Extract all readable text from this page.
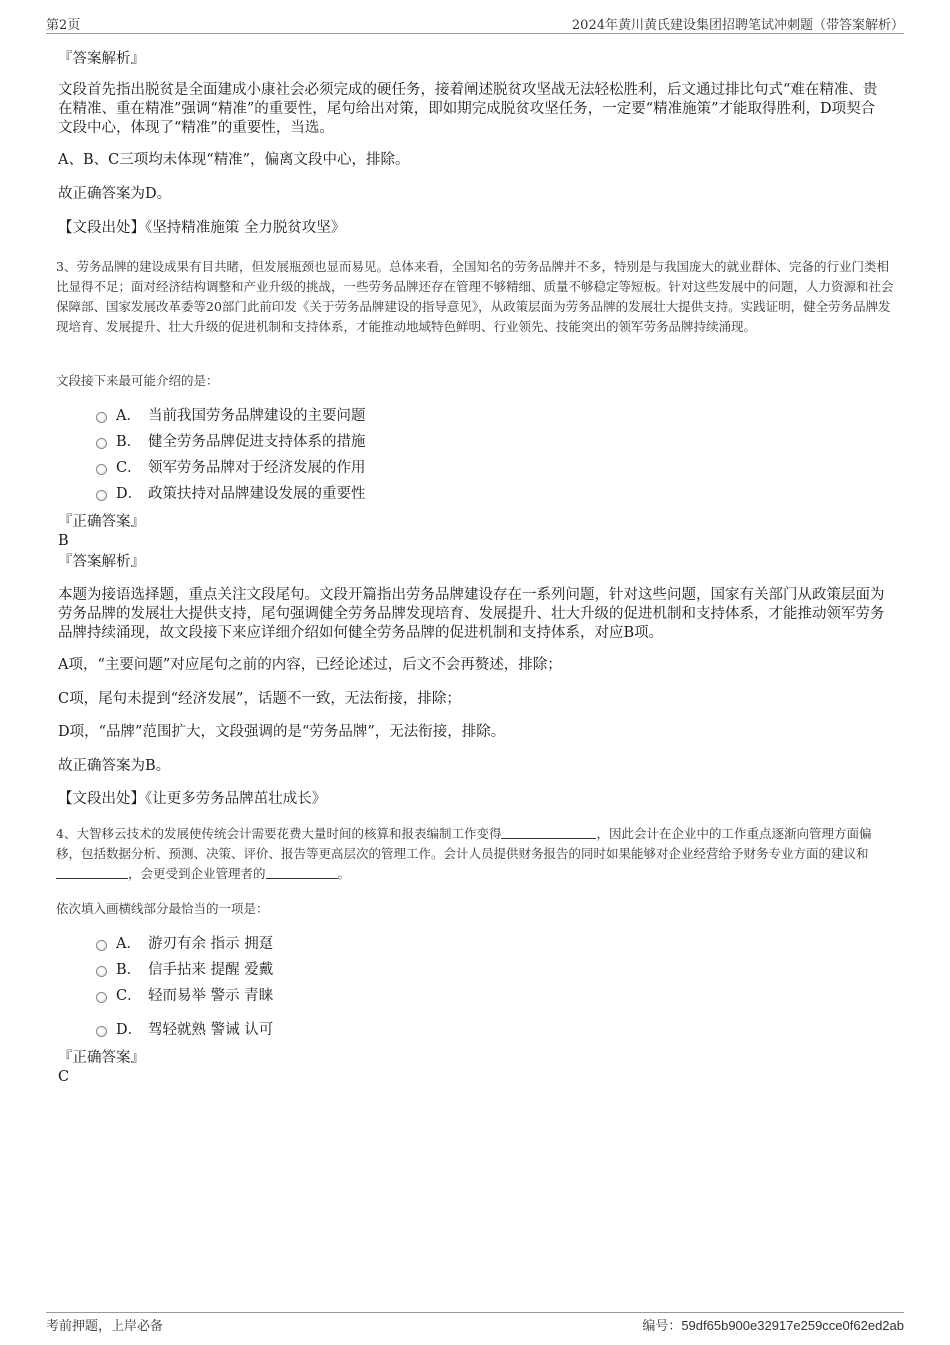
第2页	2024年黄川黄氏建设集团招聘笔试冲刺题（带答案解析）
『答案解析』
文段首先指出脱贫是全面建成小康社会必须完成的硬任务，接着阐述脱贫攻坚战无法轻松胜利，后文通过排比句式“难在精准、贵在精准、重在精准”强调“精准”的重要性，尾句给出对策，即如期完成脱贫攻坚任务，一定要“精准施策”才能取得胜利，D项契合文段中心，体现了“精准”的重要性，当选。
A、B、C三项均未体现“精准”，偏离文段中心，排除。
故正确答案为D。
【文段出处】《坚持精准施策 全力脱贫攻坚》
3、劳务品牌的建设成果有目共睹，但发展瓶颈也显而易见。总体来看，全国知名的劳务品牌并不多，特别是与我国庞大的就业群体、完备的行业门类相比显得不足；面对经济结构调整和产业升级的挑战，一些劳务品牌还存在管理不够精细、质量不够稳定等短板。针对这些发展中的问题，人力资源和社会保障部、国家发展改革委等20部门此前印发《关于劳务品牌建设的指导意见》，从政策层面为劳务品牌的发展壮大提供支持。实践证明，健全劳务品牌发现培育、发展提升、壮大升级的促进机制和支持体系，才能推动地域特色鲜明、行业领先、技能突出的领军劳务品牌持续涌现。
文段接下来最可能介绍的是：
A． 当前我国劳务品牌建设的主要问题
B． 健全劳务品牌促进支持体系的措施
C． 领军劳务品牌对于经济发展的作用
D． 政策扶持对品牌建设发展的重要性
『正确答案』
B
『答案解析』
本题为接语选择题，重点关注文段尾句。文段开篇指出劳务品牌建设存在一系列问题，针对这些问题，国家有关部门从政策层面为劳务品牌的发展壮大提供支持，尾句强调健全劳务品牌发现培育、发展提升、壮大升级的促进机制和支持体系，才能推动领军劳务品牌持续涌现，故文段接下来应详细介绍如何健全劳务品牌的促进机制和支持体系，对应B项。
A项，“主要问题”对应尾句之前的内容，已经论述过，后文不会再赘述，排除；
C项，尾句未提到“经济发展”，话题不一致，无法衔接，排除；
D项，“品牌”范围扩大，文段强调的是“劳务品牌”，无法衔接，排除。
故正确答案为B。
【文段出处】《让更多劳务品牌茁壮成长》
4、大智移云技术的发展使传统会计需要花费大量时间的核算和报表编制工作变得	，因此会计在企业中的工作重点逐渐向管理方面偏移，包括数据分析、预测、决策、评价、报告等更高层次的管理工作。会计人员提供财务报告的同时如果能够对企业经营给予财务专业方面的建议和，会更受到企业管理者的	。
依次填入画横线部分最恰当的一项是：
A． 游刃有余 指示 拥趸
B． 信手拈来 提醒 爱戴
C． 轻而易举 警示 青睐
D． 驾轻就熟 警诫 认可
『正确答案』
C
考前押题，上岸必备	编号：59df65b900e32917e259cce0f62ed2ab
